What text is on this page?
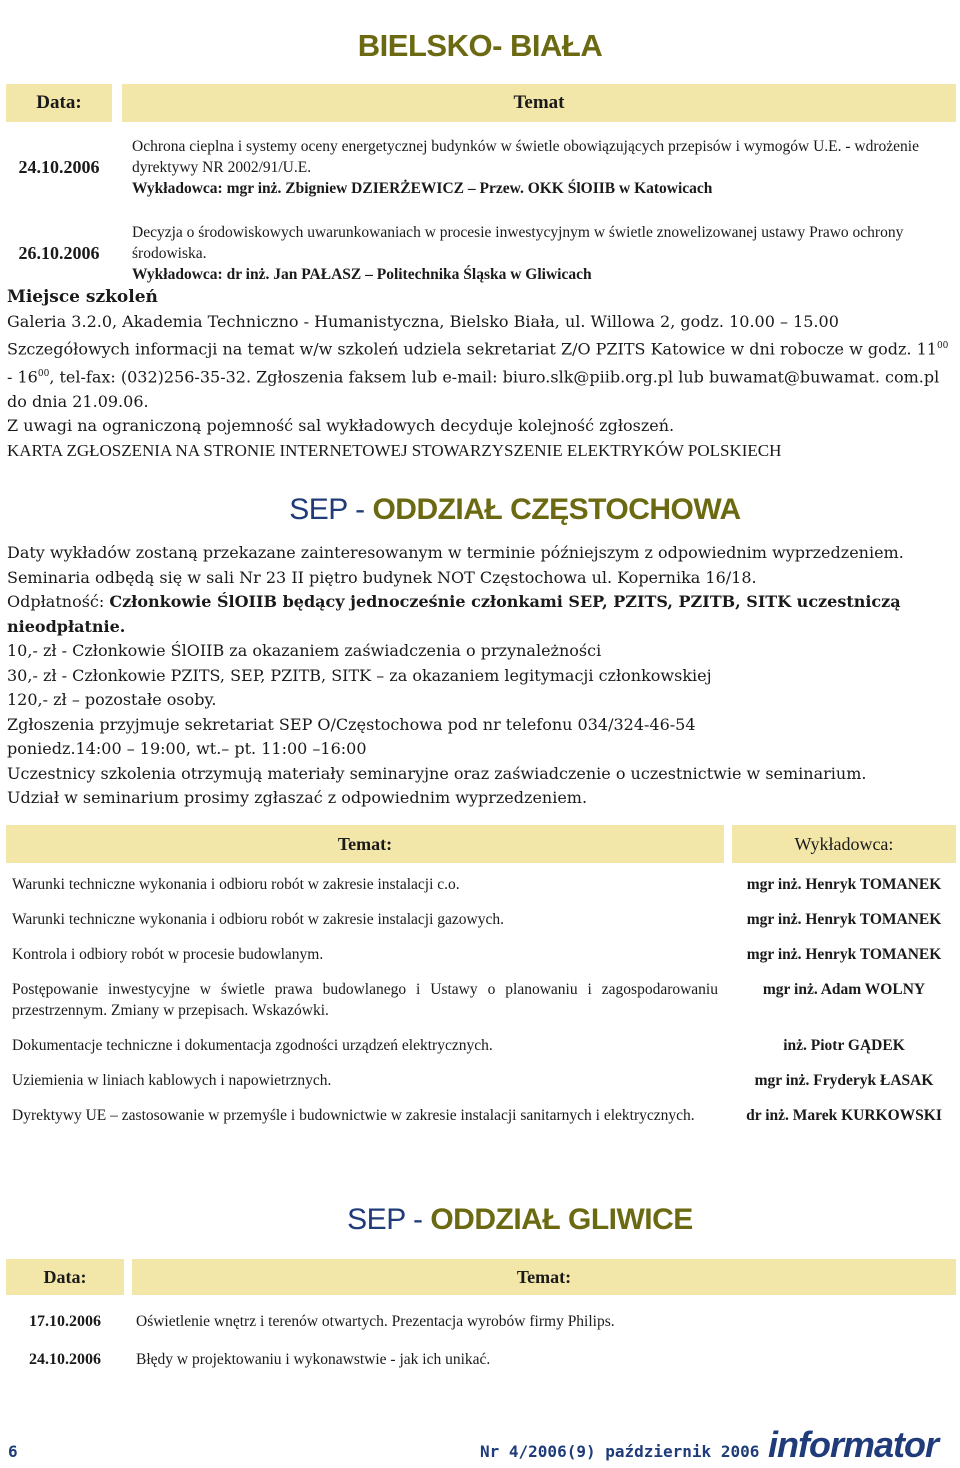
BIELSKO- BIAŁA
Data:		Temat

24.10.2006		Ochrona cieplna i systemy oceny energetycznej budynków w świetle obowiązujących przepisów i wymogów U.E. - wdrożenie dyrektywy NR 2002/91/U.E.
Wykładowca: mgr inż. Zbigniew DZIERŻEWICZ – Przew. OKK ŚlOIIB w Katowicach

26.10.2006		Decyzja o środowiskowych uwarunkowaniach w procesie inwestycyjnym w świetle znowelizowanej ustawy Prawo ochrony środowiska.
Wykładowca: dr inż. Jan PAŁASZ – Politechnika Śląska w Gliwicach
Miejsce szkoleń
Galeria 3.2.0, Akademia Techniczno - Humanistyczna, Bielsko Biała, ul. Willowa 2, godz. 10.00 – 15.00
Szczegółowych informacji na temat w/w szkoleń udziela sekretariat Z/O PZITS Katowice w dni robocze w godz. $11^{00} - 16^{00}$, tel-fax: (032)256-35-32. Zgłoszenia faksem lub e-mail: biuro.slk@piib.org.pl lub buwamat@buwamat. com.pl do dnia 21.09.06.
Z uwagi na ograniczoną pojemność sal wykładowych decyduje kolejność zgłoszeń.
KARTA ZGŁOSZENIA NA STRONIE INTERNETOWEJ STOWARZYSZENIE ELEKTRYKÓW POLSKIECH
SEP - ODDZIAŁ CZĘSTOCHOWA
Daty wykładów zostaną przekazane zainteresowanym w terminie późniejszym z odpowiednim wyprzedzeniem.
Seminaria odbędą się w sali Nr 23 II piętro budynek NOT Częstochowa ul. Kopernika 16/18.
Odpłatność: Członkowie ŚlOIIB będący jednocześnie członkami SEP, PZITS, PZITB, SITK uczestniczą nieodpłatnie.
10,- zł - Członkowie ŚlOIIB za okazaniem zaświadczenia o przynależności
30,- zł - Członkowie PZITS, SEP, PZITB, SITK – za okazaniem legitymacji członkowskiej
120,- zł – pozostałe osoby.
Zgłoszenia przyjmuje sekretariat SEP O/Częstochowa pod nr telefonu 034/324-46-54
poniedz.14:00 – 19:00, wt.– pt. 11:00 –16:00
Uczestnicy szkolenia otrzymują materiały seminaryjne oraz zaświadczenie o uczestnictwie w seminarium.
Udział w seminarium prosimy zgłaszać z odpowiednim wyprzedzeniem.
Temat:		Wykładowca:

Warunki techniczne wykonania i odbioru robót w zakresie instalacji c.o.		mgr inż. Henryk TOMANEK
Warunki techniczne wykonania i odbioru robót w zakresie instalacji gazowych.		mgr inż. Henryk TOMANEK
Kontrola i odbiory robót w procesie budowlanym.		mgr inż. Henryk TOMANEK
Postępowanie inwestycyjne w świetle prawa budowlanego i Ustawy o planowaniu i zagospodarowaniu przestrzennym. Zmiany w przepisach. Wskazówki.		mgr inż. Adam WOLNY
Dokumentacje techniczne i dokumentacja zgodności urządzeń elektrycznych.		inż. Piotr GĄDEK
Uziemienia w liniach kablowych i napowietrznych.		mgr inż. Fryderyk ŁASAK
Dyrektywy UE – zastosowanie w przemyśle i budownictwie w zakresie instalacji sanitarnych i elektrycznych.		dr inż. Marek KURKOWSKI
SEP - ODDZIAŁ GLIWICE
Data:		Temat:

17.10.2006		Oświetlenie wnętrz i terenów otwartych. Prezentacja wyrobów firmy Philips.
24.10.2006		Błędy w projektowaniu i wykonawstwie - jak ich unikać.
6	Nr 4/2006(9) październik 2006 informator
